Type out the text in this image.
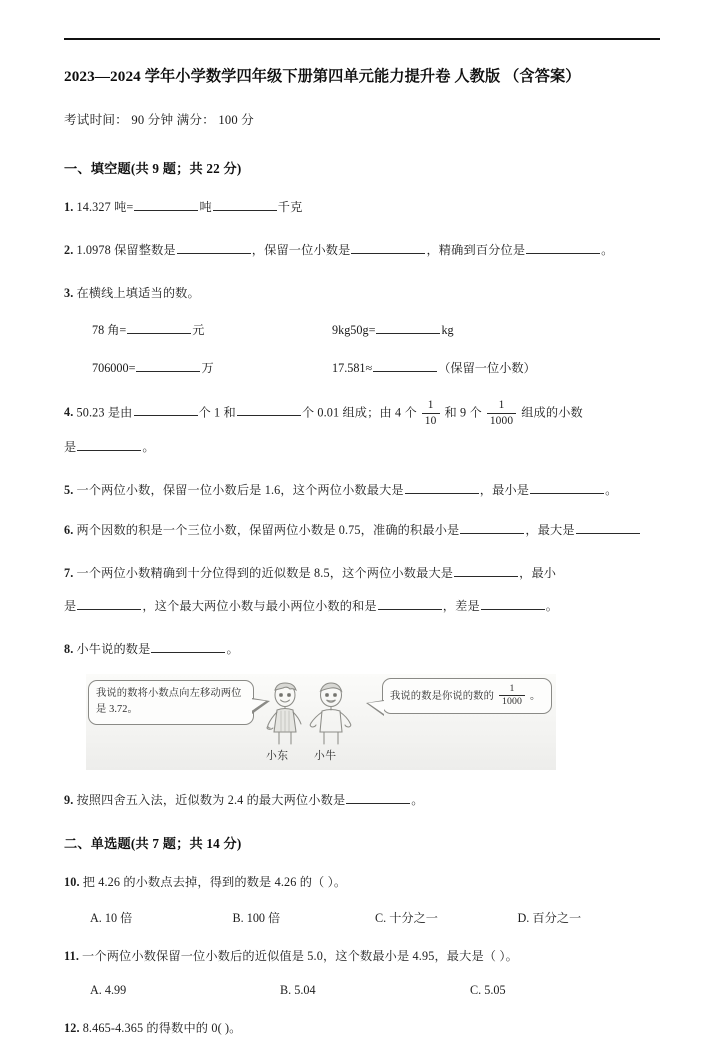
2023—2024 学年小学数学四年级下册第四单元能力提升卷 人教版 （含答案）
考试时间： 90 分钟 满分： 100 分
一、填空题(共 9 题；共 22 分)
1. 14.327 吨=	吨	千克
2. 1.0978 保留整数是	，保留一位小数是	，精确到百分位是	。
3. 在横线上填适当的数。
78 角=	元	9kg50g=	kg
706000=	万	17.581≈	（保留一位小数）
4. 50.23 是由	个 1 和	个 0.01 组成；由 4 个 $\frac{1}{10}$ 和 9 个 $\frac{1}{1000}$ 组成的小数
是	。
5. 一个两位小数，保留一位小数后是 1.6，这个两位小数最大是	，最小是	。
6. 两个因数的积是一个三位小数，保留两位小数是 0.75，准确的积最小是	，最大是
7. 一个两位小数精确到十分位得到的近似数是 8.5，这个两位小数最大是	，最小
是	，这个最大两位小数与最小两位小数的和是	，差是	。
8. 小牛说的数是	。
我说的数将小数点向左移动两位是 3.72。
我说的数是你说的数的 $\frac{1}{1000}$ 。
小东 小牛
9. 按照四舍五入法，近似数为 2.4 的最大两位小数是	。
二、单选题(共 7 题；共 14 分)
10. 把 4.26 的小数点去掉，得到的数是 4.26 的（ ）。
A. 10 倍	B. 100 倍	C. 十分之一	D. 百分之一
11. 一个两位小数保留一位小数后的近似值是 5.0，这个数最小是 4.95，最大是（ ）。
A. 4.99	B. 5.04	C. 5.05
12. 8.465-4.365 的得数中的 0( )。
